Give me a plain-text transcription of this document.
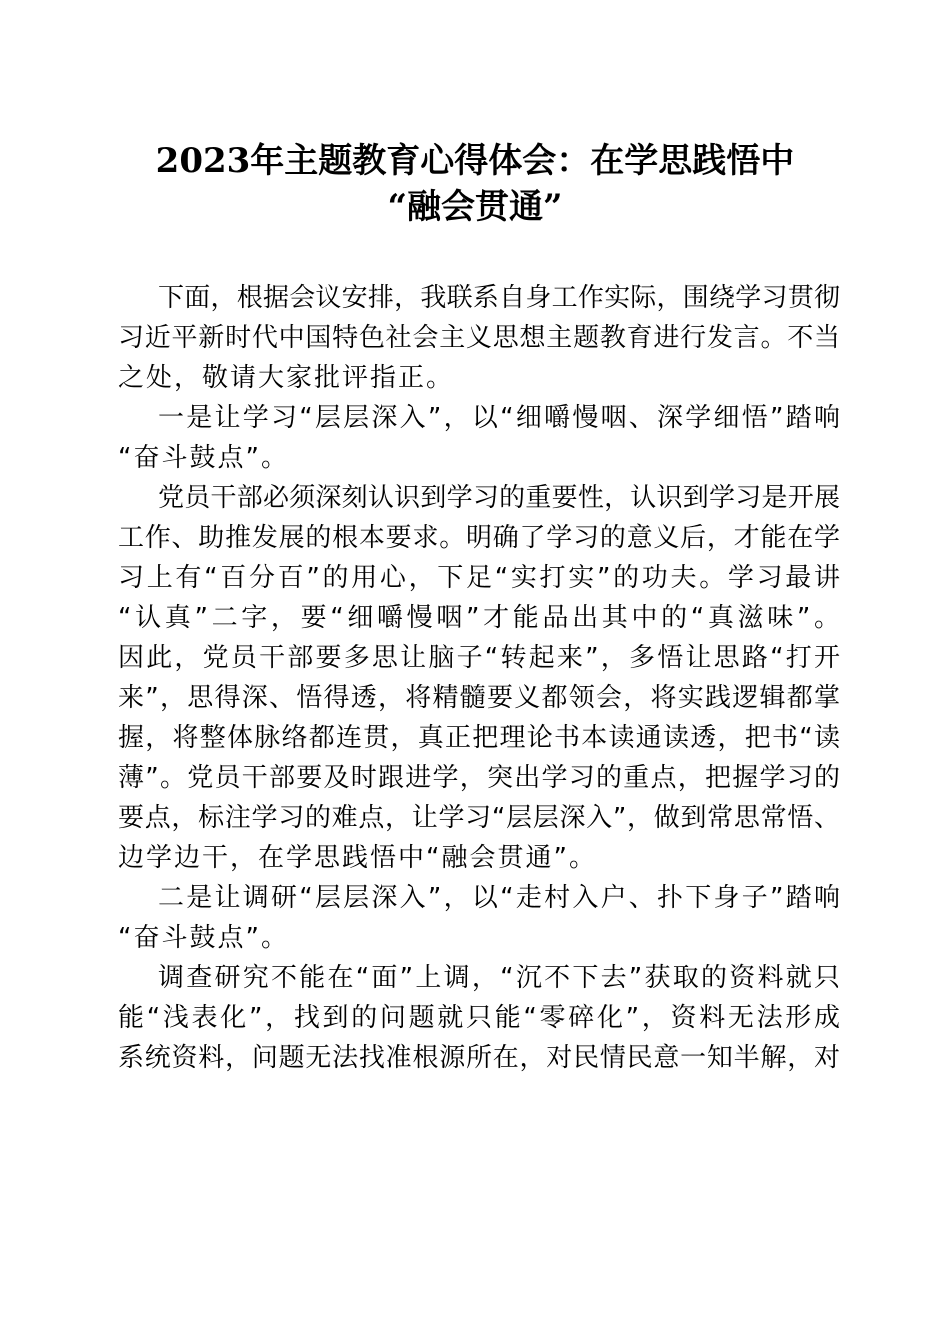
2023年主题教育心得体会：在学思践悟中
“融会贯通”
下面，根据会议安排，我联系自身工作实际，围绕学习贯彻
习近平新时代中国特色社会主义思想主题教育进行发言。不当
之处，敬请大家批评指正。
一是让学习“层层深入”，以“细嚼慢咽、深学细悟”踏响
“奋斗鼓点”。
党员干部必须深刻认识到学习的重要性，认识到学习是开展
工作、助推发展的根本要求。明确了学习的意义后，才能在学
习上有“百分百”的用心，下足“实打实”的功夫。学习最讲
“认真”二字，要“细嚼慢咽”才能品出其中的“真滋味”。
因此，党员干部要多思让脑子“转起来”，多悟让思路“打开
来”，思得深、悟得透，将精髓要义都领会，将实践逻辑都掌
握，将整体脉络都连贯，真正把理论书本读通读透，把书“读
薄”。党员干部要及时跟进学，突出学习的重点，把握学习的
要点，标注学习的难点，让学习“层层深入”，做到常思常悟、
边学边干，在学思践悟中“融会贯通”。
二是让调研“层层深入”，以“走村入户、扑下身子”踏响
“奋斗鼓点”。
调查研究不能在“面”上调，“沉不下去”获取的资料就只
能“浅表化”，找到的问题就只能“零碎化”，资料无法形成
系统资料，问题无法找准根源所在，对民情民意一知半解，对
